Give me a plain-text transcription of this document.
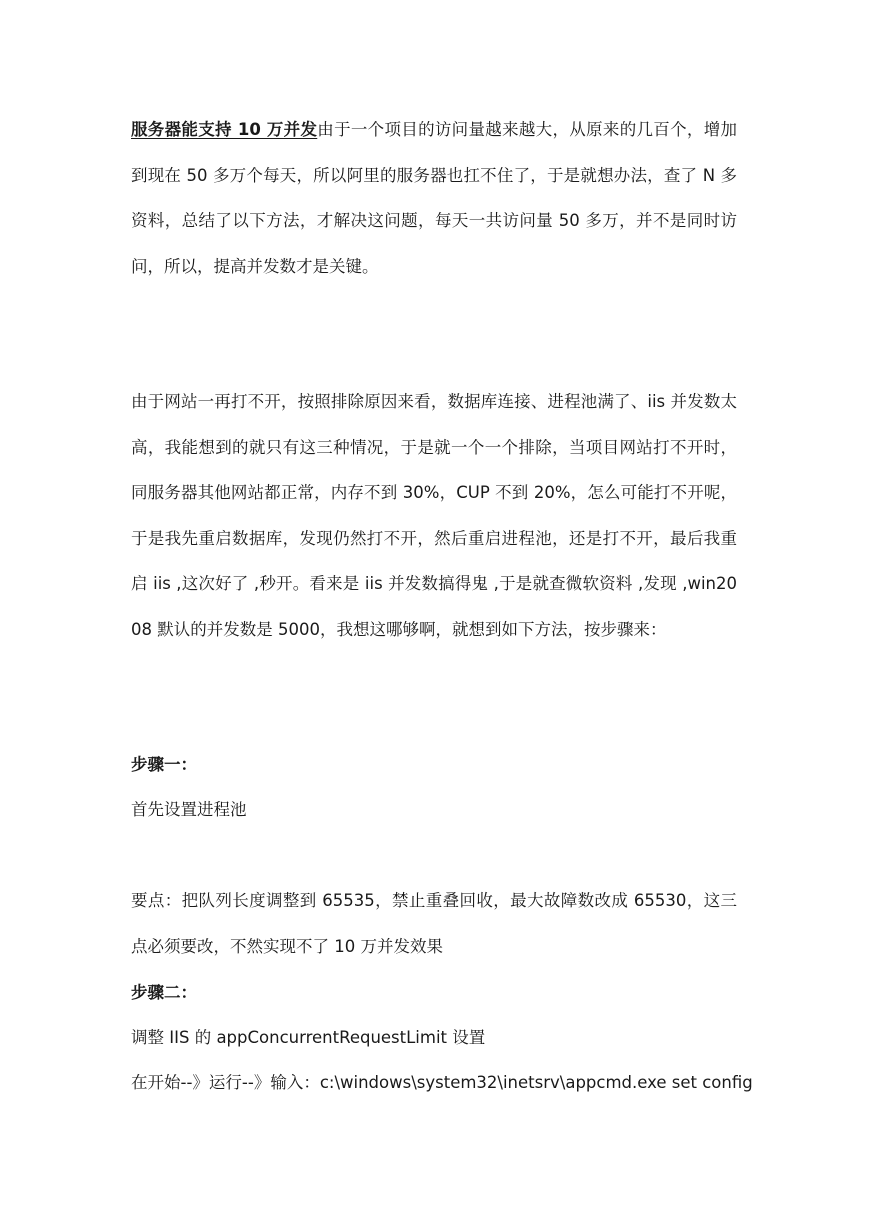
服务器能支持 10 万并发由于一个项目的访问量越来越大，从原来的几百个，增加到现在 50 多万个每天，所以阿里的服务器也扛不住了，于是就想办法，查了 N 多资料，总结了以下方法，才解决这问题，每天一共访问量 50 多万，并不是同时访问，所以，提高并发数才是关键。

由于网站一再打不开，按照排除原因来看，数据库连接、进程池满了、iis 并发数太高，我能想到的就只有这三种情况，于是就一个一个排除，当项目网站打不开时，同服务器其他网站都正常，内存不到 30%，CUP 不到 20%，怎么可能打不开呢，于是我先重启数据库，发现仍然打不开，然后重启进程池，还是打不开，最后我重启 iis ,这次好了 ,秒开。看来是 iis 并发数搞得鬼 ,于是就查微软资料 ,发现 ,win2008 默认的并发数是 5000，我想这哪够啊，就想到如下方法，按步骤来：

步骤一：

首先设置进程池

要点：把队列长度调整到 65535，禁止重叠回收，最大故障数改成 65530，这三点必须要改，不然实现不了 10 万并发效果

步骤二：

调整 IIS 的 appConcurrentRequestLimit 设置

在开始--》运行--》输入：c:\windows\system32\inetsrv\appcmd.exe set config
